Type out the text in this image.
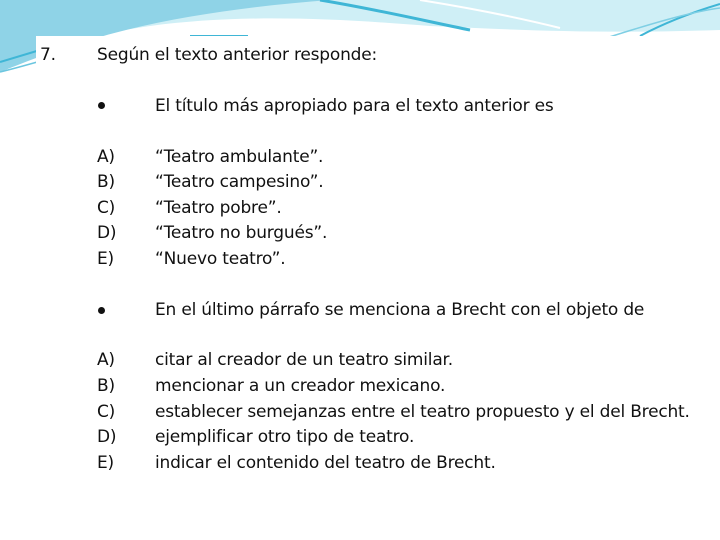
7. Según el texto anterior responde:
El título más apropiado para el texto anterior es
A) “Teatro ambulante”.
B) “Teatro campesino”.
C) “Teatro pobre”.
D) “Teatro no burgués”.
E) “Nuevo teatro”.
En el último párrafo se menciona a Brecht con el objeto de
A) citar al creador de un teatro similar.
B) mencionar a un creador mexicano.
C) establecer semejanzas entre el teatro propuesto y el del Brecht.
D) ejemplificar otro tipo de teatro.
E) indicar el contenido del teatro de Brecht.
